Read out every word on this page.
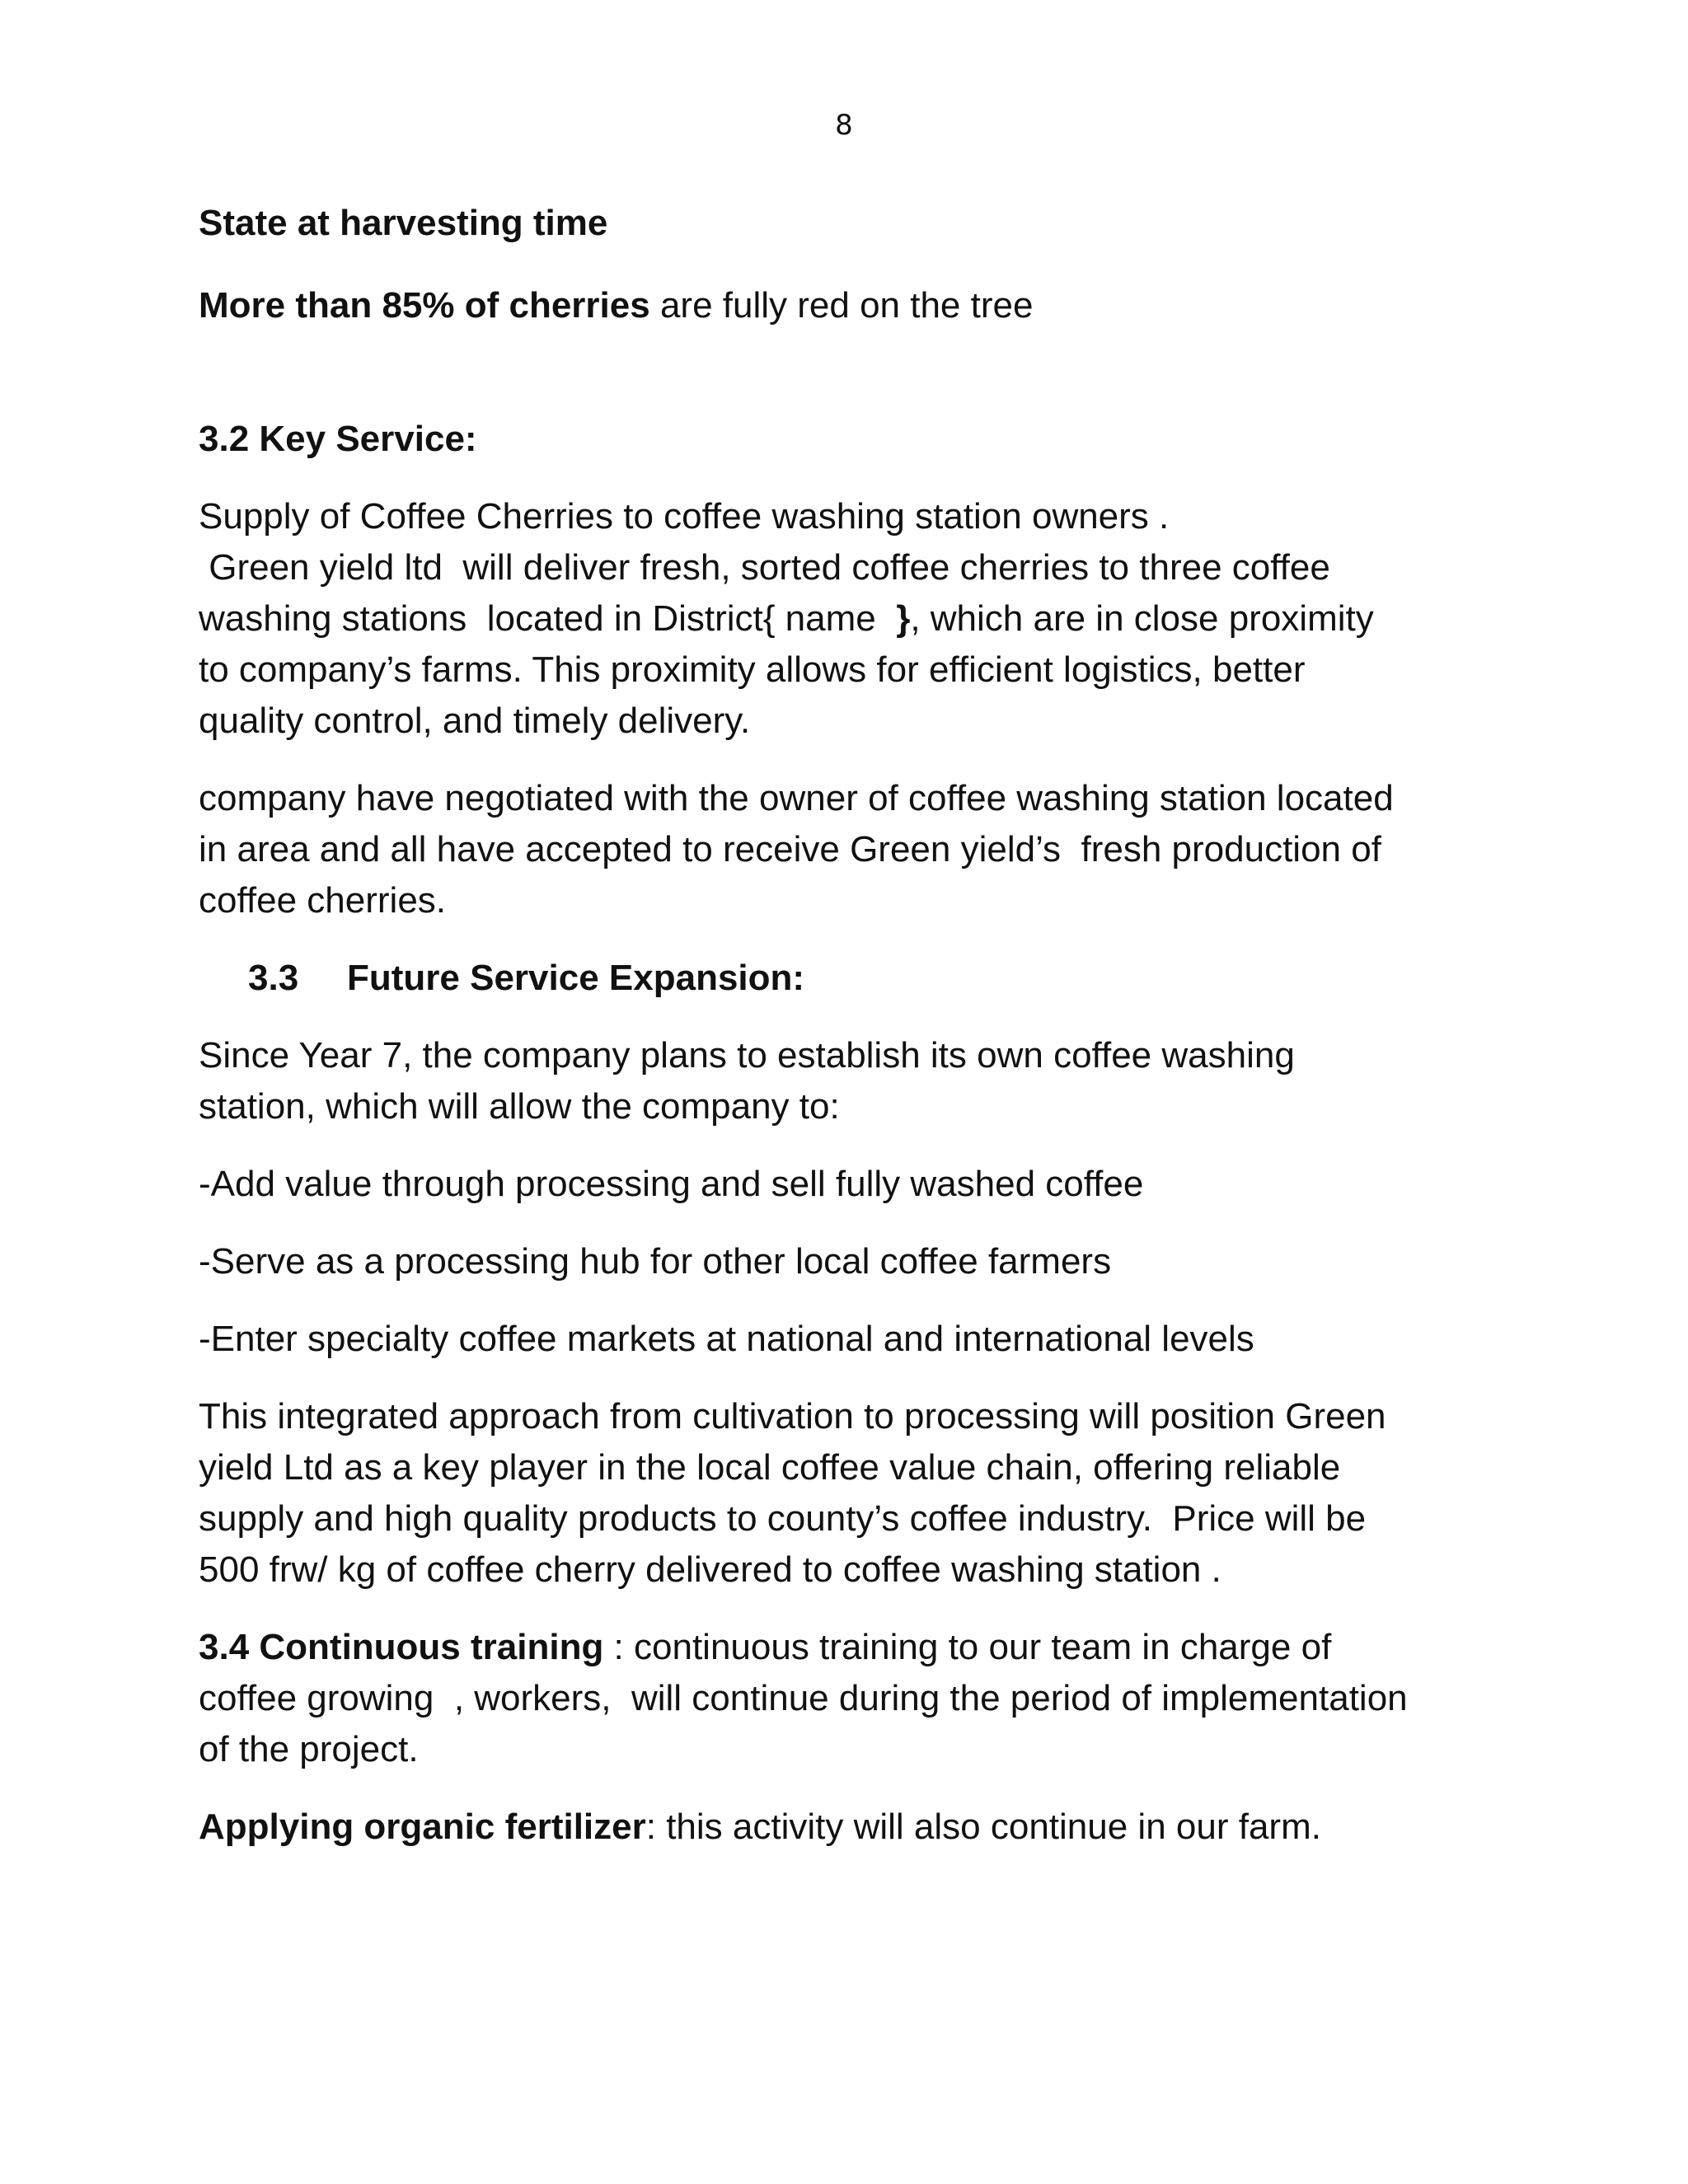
8

State at harvesting time

More than 85% of cherries are fully red on the tree

3.2 Key Service:

Supply of Coffee Cherries to coffee washing station owners .
Green yield ltd  will deliver fresh, sorted coffee cherries to three coffee
washing stations  located in District{ name  }, which are in close proximity
to company’s farms. This proximity allows for efficient logistics, better
quality control, and timely delivery.

company have negotiated with the owner of coffee washing station located
in area and all have accepted to receive Green yield’s  fresh production of
coffee cherries.

3.3 Future Service Expansion:

Since Year 7, the company plans to establish its own coffee washing
station, which will allow the company to:

-Add value through processing and sell fully washed coffee

-Serve as a processing hub for other local coffee farmers

-Enter specialty coffee markets at national and international levels

This integrated approach from cultivation to processing will position Green
yield Ltd as a key player in the local coffee value chain, offering reliable
supply and high quality products to county’s coffee industry.  Price will be
500 frw/ kg of coffee cherry delivered to coffee washing station .

3.4 Continuous training : continuous training to our team in charge of
coffee growing  , workers,  will continue during the period of implementation
of the project.

Applying organic fertilizer: this activity will also continue in our farm.
